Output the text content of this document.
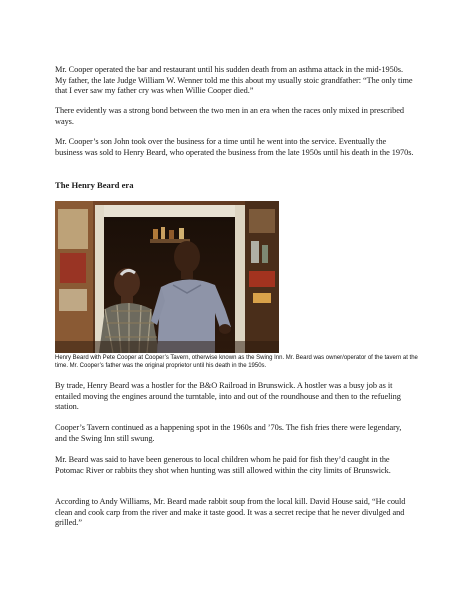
Mr. Cooper operated the bar and restaurant until his sudden death from an asthma attack in the mid-1950s. My father, the late Judge William W. Wenner told me this about my usually stoic grandfather: “The only time that I ever saw my father cry was when Willie Cooper died.”

There evidently was a strong bond between the two men in an era when the races only mixed in prescribed ways.

Mr. Cooper’s son John took over the business for a time until he went into the service. Eventually the business was sold to Henry Beard, who operated the business from the late 1950s until his death in the 1970s.

The Henry Beard era

Henry Beard with Pete Cooper at Cooper’s Tavern, otherwise known as the Swing Inn. Mr. Beard was owner/operator of the tavern at the time. Mr. Cooper’s father was the original proprietor until his death in the 1950s.

By trade, Henry Beard was a hostler for the B&O Railroad in Brunswick. A hostler was a busy job as it entailed moving the engines around the turntable, into and out of the roundhouse and then to the refueling station.

Cooper’s Tavern continued as a happening spot in the 1960s and ’70s. The fish fries there were legendary, and the Swing Inn still swung.

Mr. Beard was said to have been generous to local children whom he paid for fish they’d caught in the Potomac River or rabbits they shot when hunting was still allowed within the city limits of Brunswick.

According to Andy Williams, Mr. Beard made rabbit soup from the local kill. David House said, “He could clean and cook carp from the river and make it taste good. It was a secret recipe that he never divulged and grilled.”
